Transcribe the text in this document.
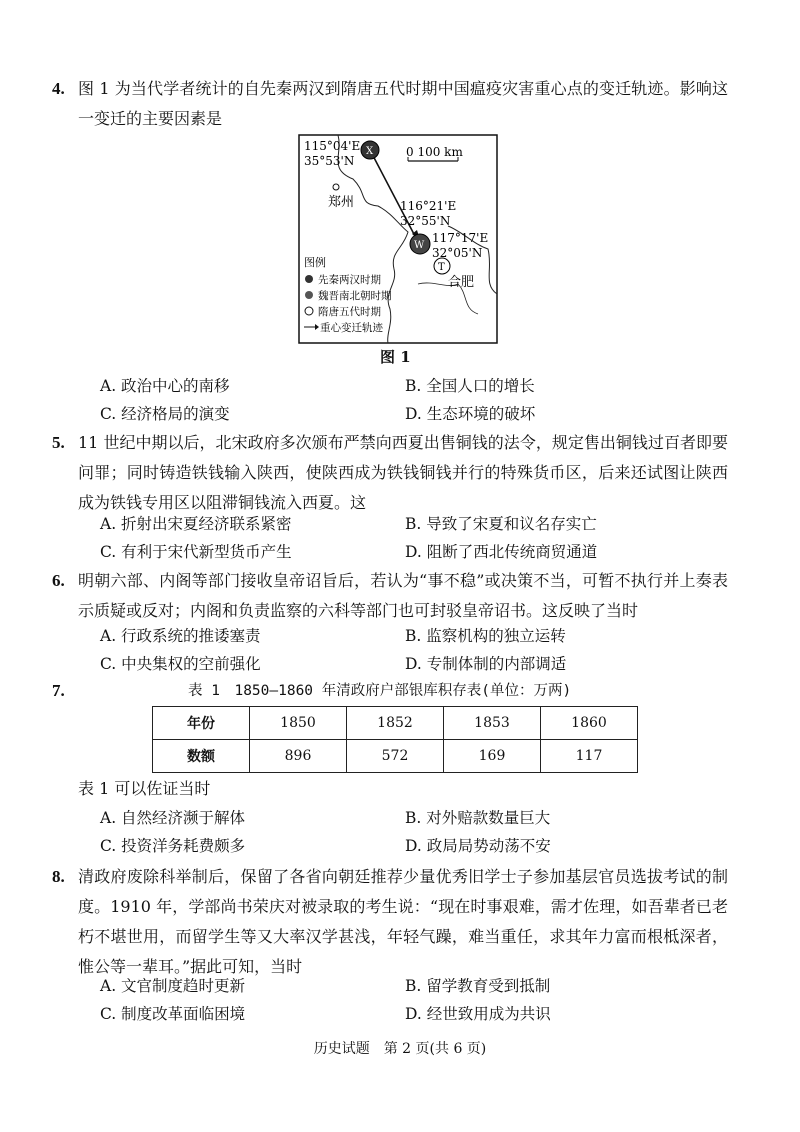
4. 图 1 为当代学者统计的自先秦两汉到隋唐五代时期中国瘟疫灾害重心点的变迁轨迹。影响这一变迁的主要因素是
X
W
T
115°04'E
35°53'N
116°21'E
32°55'N
117°17'E
32°05'N
0 100 km
郑州
合肥
图例
先秦两汉时期
魏晋南北朝时期
隋唐五代时期
重心变迁轨迹
图 1
A. 政治中心的南移	B. 全国人口的增长
C. 经济格局的演变	D. 生态环境的破坏
5. 11 世纪中期以后，北宋政府多次颁布严禁向西夏出售铜钱的法令，规定售出铜钱过百者即要问罪；同时铸造铁钱输入陕西，使陕西成为铁钱铜钱并行的特殊货币区，后来还试图让陕西成为铁钱专用区以阻滞铜钱流入西夏。这
A. 折射出宋夏经济联系紧密	B. 导致了宋夏和议名存实亡
C. 有利于宋代新型货币产生	D. 阻断了西北传统商贸通道
6. 明朝六部、内阁等部门接收皇帝诏旨后，若认为“事不稳”或决策不当，可暂不执行并上奏表示质疑或反对；内阁和负责监察的六科等部门也可封驳皇帝诏书。这反映了当时
A. 行政系统的推诿塞责	B. 监察机构的独立运转
C. 中央集权的空前强化	D. 专制体制的内部调适
7.	表 1　1850—1860 年清政府户部银库积存表(单位：万两)
年份	1850	1852	1853	1860
数额	896	572	169	117
表 1 可以佐证当时
A. 自然经济濒于解体	B. 对外赔款数量巨大
C. 投资洋务耗费颇多	D. 政局局势动荡不安
8. 清政府废除科举制后，保留了各省向朝廷推荐少量优秀旧学士子参加基层官员选拔考试的制度。1910 年，学部尚书荣庆对被录取的考生说：“现在时事艰难，需才佐理，如吾辈者已老朽不堪世用，而留学生等又大率汉学甚浅，年轻气躁，难当重任，求其年力富而根柢深者，惟公等一辈耳。”据此可知，当时
A. 文官制度趋时更新	B. 留学教育受到抵制
C. 制度改革面临困境	D. 经世致用成为共识
历史试题　第 2 页(共 6 页)
